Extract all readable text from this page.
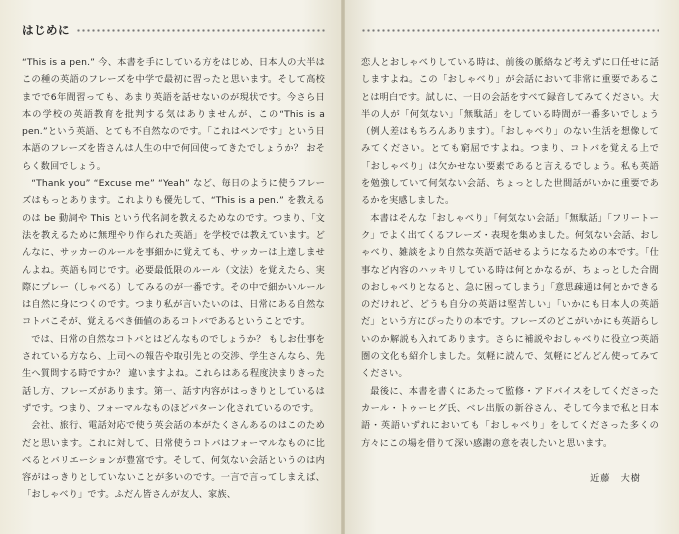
はじめに

“This is a pen.” 今、本書を手にしている方をはじめ、日本人の大半はこの種の英語のフレーズを中学で最初に習ったと思います。そして高校までで6年間習っても、あまり英語を話せないのが現状です。今さら日本の学校の英語教育を批判する気はありませんが、この“This is a pen.”という英語、とても不自然なのです。「これはペンです」という日本語のフレーズを皆さんは人生の中で何回使ってきたでしょうか？ おそらく数回でしょう。

“Thank you” “Excuse me” “Yeah” など、毎日のように使うフレーズはもっとあります。これよりも優先して、“This is a pen.” を教えるのは be 動詞や This という代名詞を教えるためなのです。つまり、「文法を教えるために無理やり作られた英語」を学校では教えています。どんなに、サッカーのルールを事細かに覚えても、サッカーは上達しませんよね。英語も同じです。必要最低限のルール（文法）を覚えたら、実際にプレー（しゃべる）してみるのが一番です。その中で細かいルールは自然に身につくのです。つまり私が言いたいのは、日常にある自然なコトバこそが、覚えるべき価値のあるコトバであるということです。

では、日常の自然なコトバとはどんなものでしょうか？ もしお仕事をされている方なら、上司への報告や取引先との交渉、学生さんなら、先生へ質問する時ですか？ 違いますよね。これらはある程度決まりきった話し方、フレーズがあります。第一、話す内容がはっきりとしているはずです。つまり、フォーマルなものほどパターン化されているのです。

会社、旅行、電話対応で使う英会話の本がたくさんあるのはこのためだと思います。これに対して、日常使うコトバはフォーマルなものに比べるとバリエーションが豊富です。そして、何気ない会話というのは内容がはっきりとしていないことが多いのです。一言で言ってしまえば、「おしゃべり」です。ふだん皆さんが友人、家族、

恋人とおしゃべりしている時は、前後の脈絡など考えずに口任せに話しますよね。この「おしゃべり」が会話において非常に重要であることは明白です。試しに、一日の会話をすべて録音してみてください。大半の人が「何気ない」「無駄話」をしている時間が一番多いでしょう（例人差はもちろんあります）。「おしゃべり」のない生活を想像してみてください。とても窮屈ですよね。つまり、コトバを覚える上で「おしゃべり」は欠かせない要素であると言えるでしょう。私も英語を勉強していて何気ない会話、ちょっとした世間話がいかに重要であるかを実感しました。

本書はそんな「おしゃべり」「何気ない会話」「無駄話」「フリートーク」でよく出てくるフレーズ・表現を集めました。何気ない会話、おしゃべり、雑談をより自然な英語で話せるようになるための本です。「仕事など内容のハッキリしている時は何とかなるが、ちょっとした合間のおしゃべりとなると、急に困ってしまう」「意思疎通は何とかできるのだけれど、どうも自分の英語は堅苦しい」「いかにも日本人の英語だ」という方にぴったりの本です。フレーズのどこがいかにも英語らしいのか解説も入れてあります。さらに補説やおしゃべりに役立つ英語圏の文化も紹介しました。気軽に読んで、気軽にどんどん使ってみてください。

最後に、本書を書くにあたって監修・アドバイスをしてくださったカール・トゥーヒグ氏、ベレ出版の新谷さん、そして今まで私と日本語・英語いずれにおいても「おしゃべり」をしてくださった多くの方々にこの場を借りて深い感謝の意を表したいと思います。

近藤　大樹
